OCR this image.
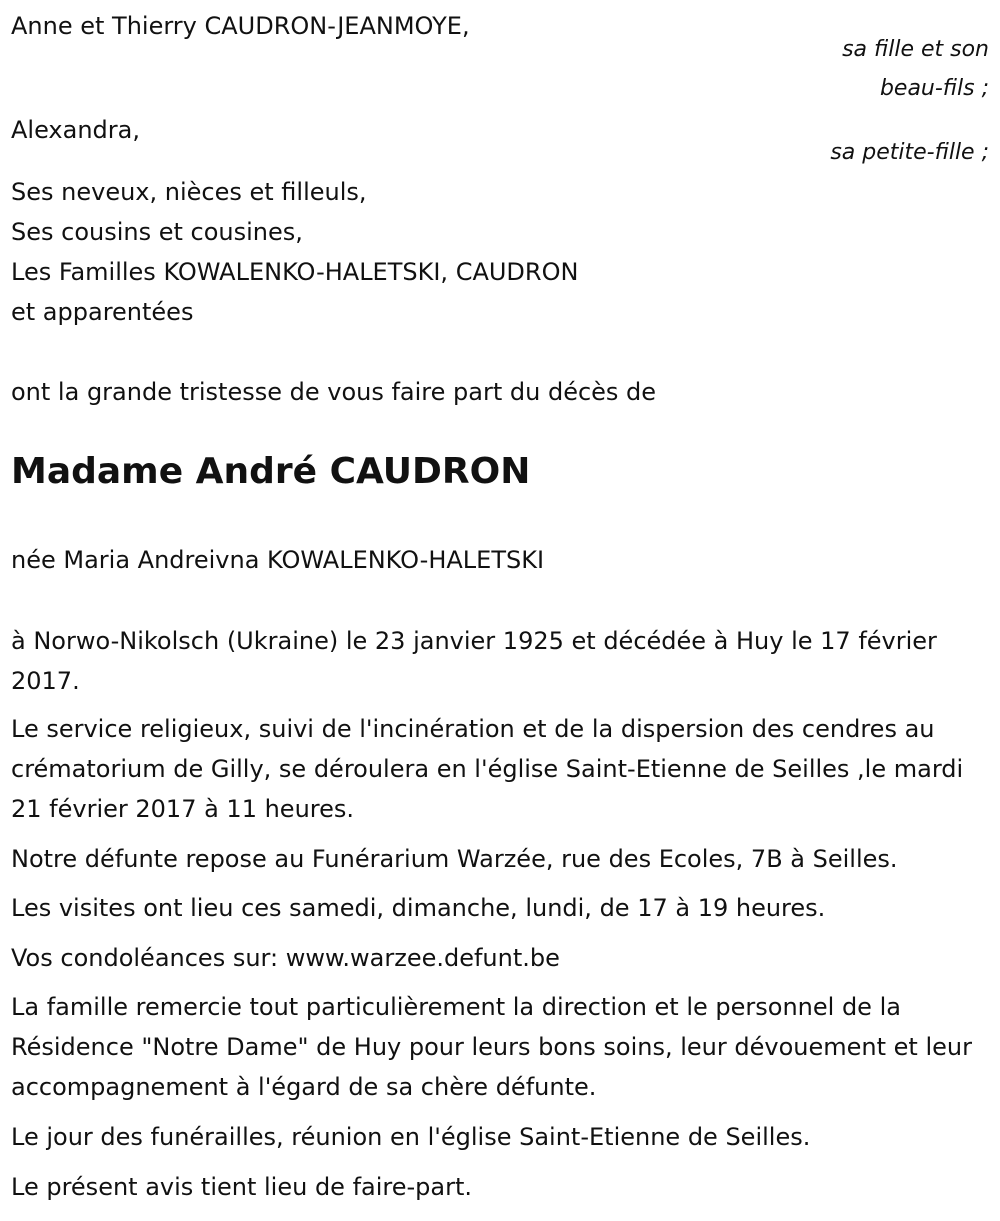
Anne et Thierry CAUDRON-JEANMOYE,

sa fille et son

beau-fils ;

Alexandra,

sa petite-fille ;

Ses neveux, nièces et filleuls,

Ses cousins et cousines,

Les Familles KOWALENKO-HALETSKI, CAUDRON

et apparentées

ont la grande tristesse de vous faire part du décès de

Madame André CAUDRON

née Maria Andreivna KOWALENKO-HALETSKI

à Norwo-Nikolsch (Ukraine) le 23 janvier 1925 et décédée à Huy le 17 février 2017.

Le service religieux, suivi de l'incinération et de la dispersion des cendres au crématorium de Gilly, se déroulera en l'église Saint-Etienne de Seilles ,le mardi 21 février 2017 à 11 heures.

Notre défunte repose au Funérarium Warzée, rue des Ecoles, 7B à Seilles.

Les visites ont lieu ces samedi, dimanche, lundi, de 17 à 19 heures.

Vos condoléances sur: www.warzee.defunt.be

La famille remercie tout particulièrement la direction et le personnel de la Résidence "Notre Dame" de Huy pour leurs bons soins, leur dévouement et leur accompagnement à l'égard de sa chère défunte.

Le jour des funérailles, réunion en l'église Saint-Etienne de Seilles.

Le présent avis tient lieu de faire-part.
